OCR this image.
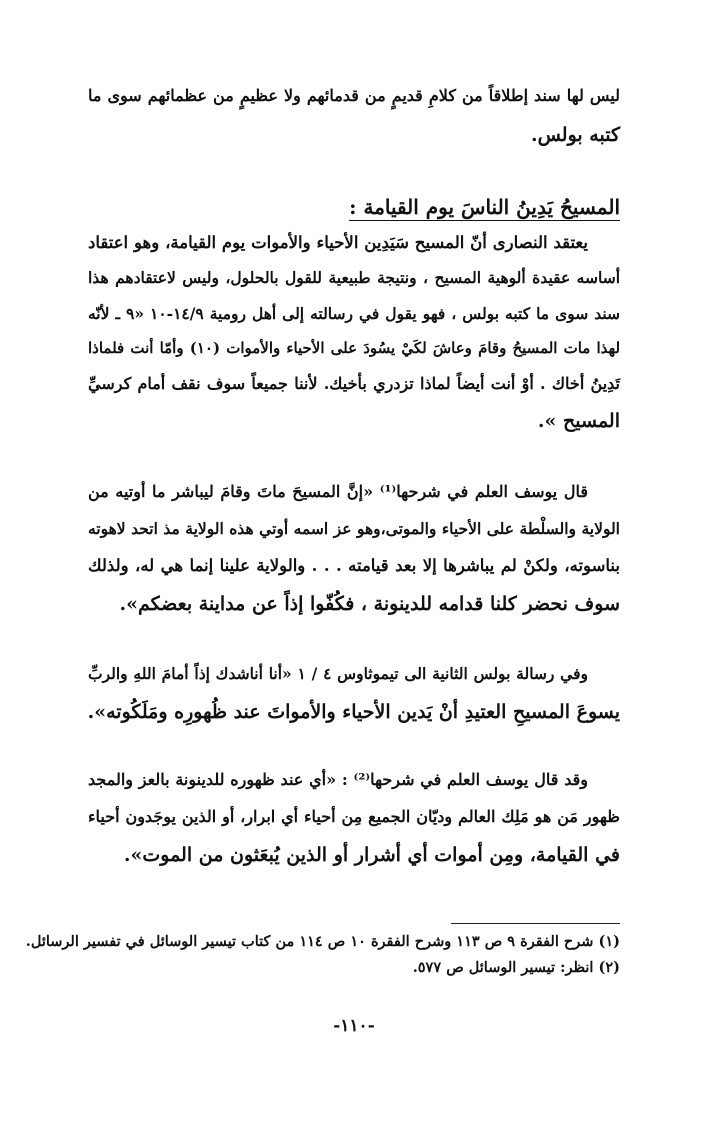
ليس لها سند إطلاقاً من كلامِ قديمٍ من قدمائهم ولا عظيمٍ من عظمائهم سوى ما
كتبه بولس.
المسيحُ يَدِينُ الناسَ يوم القيامة :
يعتقد النصارى أنّ المسيح سَيَدِين الأحياء والأموات يوم القيامة، وهو اعتقاد
أساسه عقيدة ألوهية المسيح ، ونتيجة طبيعية للقول بالحلول، وليس لاعتقادهم هذا
سند سوى ما كتبه بولس ، فهو يقول في رسالته إلى أهل رومية ١٤/٩-١٠ «٩ ـ لأنّه
لهذا مات المسيحُ وقامَ وعاشَ لكَيْ يسُودَ على الأحياء والأموات (١٠) وأمّا أنت فلماذا
تَدِينُ أخاك . أوْ أنت أيضاً لماذا تزدري بأخيك. لأننا جميعاً سوف نقف أمام كرسيِّ
المسيح ».
قال يوسف العلم في شرحها⁽¹⁾ «إنَّ المسيحَ ماتَ وقامَ ليباشر ما أوتيه من
الولاية والسلْطة على الأحياء والموتى،وهو عز اسمه أوتي هذه الولاية مذ اتحد لاهوته
بناسوته، ولكنْ لم يباشرها إلا بعد قيامته . . . والولاية علينا إنما هي له، ولذلك
سوف نحضر كلنا قدامه للدينونة ، فكُفّوا إذاً عن مداينة بعضكم».
وفي رسالة بولس الثانية الى تيموثاوس ٤ / ١ «أنا أناشدك إذاً أمامَ اللهِ والربِّ
يسوعَ المسيحِ العتيدِ أنْ يَدين الأحياء والأمواتَ عند ظُهورِه ومَلَكُوته».
وقد قال يوسف العلم في شرحها⁽²⁾ : «أي عند ظهوره للدينونة بالعز والمجد
ظهور مَن هو مَلِك العالم وديّان الجميع مِن أحياء أي ابرار، أو الذين يوجَدون أحياء
في القيامة، ومِن أموات أي أشرار أو الذين يُبعَثون من الموت».
(١) شرح الفقرة ٩ ص ١١٣ وشرح الفقرة ١٠ ص ١١٤ من كتاب تيسير الوسائل في تفسير الرسائل.
(٢) انظر: تيسير الوسائل ص ٥٧٧.
-١١٠-
